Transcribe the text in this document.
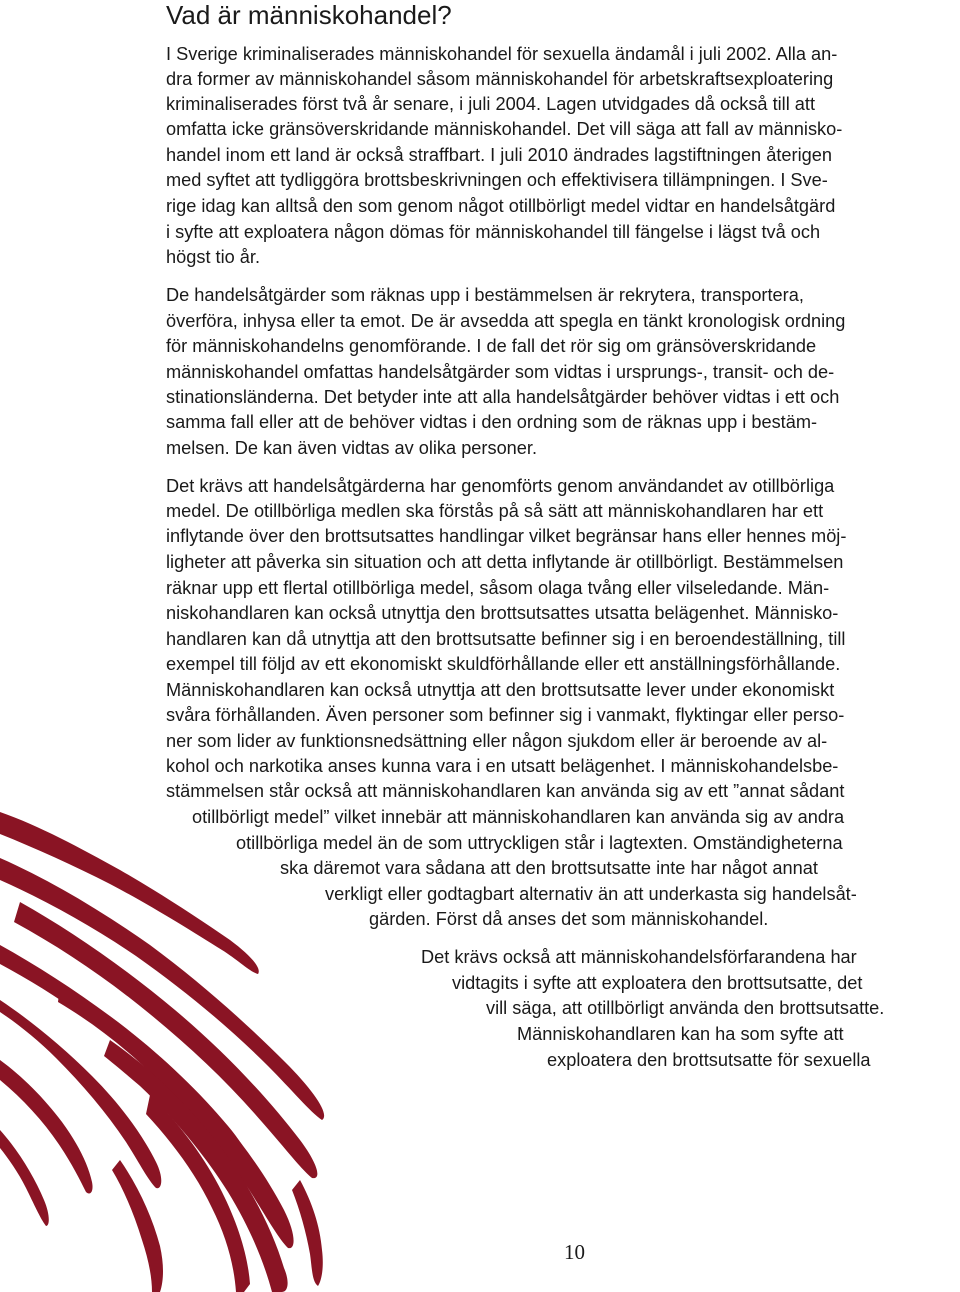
Vad är människohandel?
I Sverige kriminaliserades människohandel för sexuella ändamål i juli 2002. Alla an-
dra former av människohandel såsom människohandel för arbetskraftsexploatering
kriminaliserades först två år senare, i juli 2004. Lagen utvidgades då också till att
omfatta icke gränsöverskridande människohandel. Det vill säga att fall av människo-
handel inom ett land är också straffbart. I juli 2010 ändrades lagstiftningen återigen
med syftet att tydliggöra brottsbeskrivningen och effektivisera tillämpningen. I Sve-
rige idag kan alltså den som genom något otillbörligt medel vidtar en handelsåtgärd
i syfte att exploatera någon dömas för människohandel till fängelse i lägst två och
högst tio år.
De handelsåtgärder som räknas upp i bestämmelsen är rekrytera, transportera,
överföra, inhysa eller ta emot. De är avsedda att spegla en tänkt kronologisk ordning
för människohandelns genomförande. I de fall det rör sig om gränsöverskridande
människohandel omfattas handelsåtgärder som vidtas i ursprungs-, transit- och de-
stinationsländerna. Det betyder inte att alla handelsåtgärder behöver vidtas i ett och
samma fall eller att de behöver vidtas i den ordning som de räknas upp i bestäm-
melsen. De kan även vidtas av olika personer.
Det krävs att handelsåtgärderna har genomförts genom användandet av otillbörliga
medel. De otillbörliga medlen ska förstås på så sätt att människohandlaren har ett
inflytande över den brottsutsattes handlingar vilket begränsar hans eller hennes möj-
ligheter att påverka sin situation och att detta inflytande är otillbörligt. Bestämmelsen
räknar upp ett flertal otillbörliga medel, såsom olaga tvång eller vilseledande. Män-
niskohandlaren kan också utnyttja den brottsutsattes utsatta belägenhet. Människo-
handlaren kan då utnyttja att den brottsutsatte befinner sig i en beroendeställning, till
exempel till följd av ett ekonomiskt skuldförhållande eller ett anställningsförhållande.
Människohandlaren kan också utnyttja att den brottsutsatte lever under ekonomiskt
svåra förhållanden. Även personer som befinner sig i vanmakt, flyktingar eller perso-
ner som lider av funktionsnedsättning eller någon sjukdom eller är beroende av al-
kohol och narkotika anses kunna vara i en utsatt belägenhet. I människohandelsbe-
stämmelsen står också att människohandlaren kan använda sig av ett ”annat sådant
otillbörligt medel” vilket innebär att människohandlaren kan använda sig av andra
otillbörliga medel än de som uttryckligen står i lagtexten. Omständigheterna
ska däremot vara sådana att den brottsutsatte inte har något annat
verkligt eller godtagbart alternativ än att underkasta sig handelsåt-
gärden. Först då anses det som människohandel.
Det krävs också att människohandelsförfarandena har
vidtagits i syfte att exploatera den brottsutsatte, det
vill säga, att otillbörligt använda den brottsutsatte.
Människohandlaren kan ha som syfte att
exploatera den brottsutsatte för sexuella
10
